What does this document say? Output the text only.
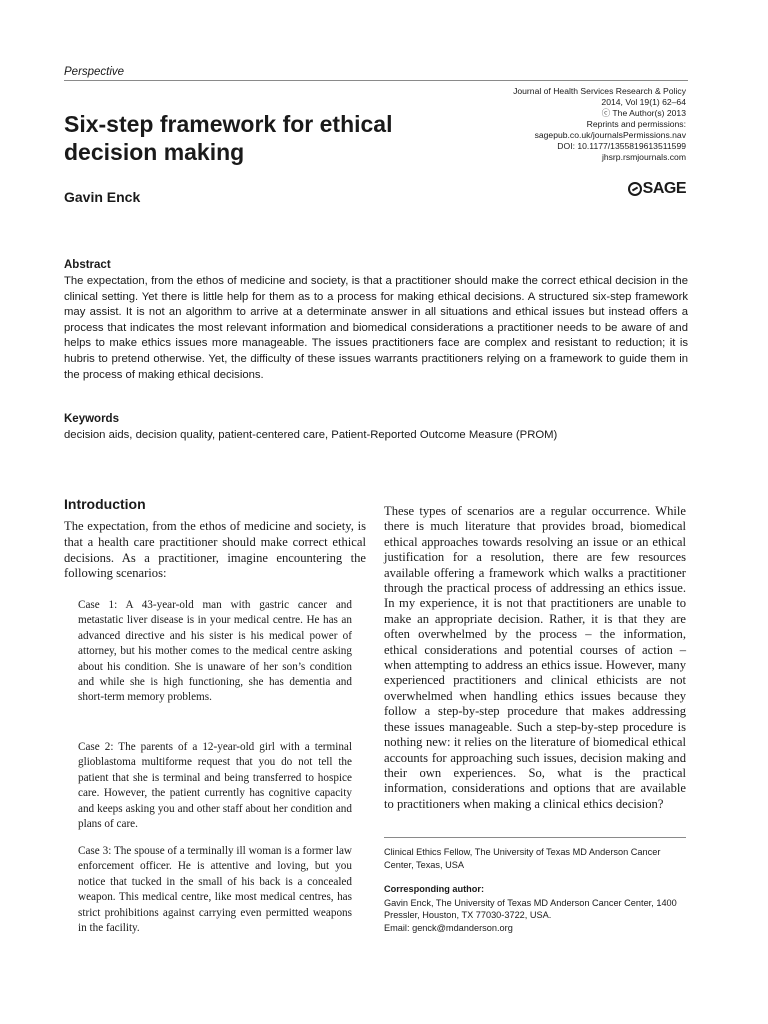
Perspective
Six-step framework for ethical decision making
Gavin Enck
Journal of Health Services Research & Policy
2014, Vol 19(1) 62–64
ⓒ The Author(s) 2013
Reprints and permissions:
sagepub.co.uk/journalsPermissions.nav
DOI: 10.1177/1355819613511599
jhsrp.rsmjournals.com
SAGE
Abstract
The expectation, from the ethos of medicine and society, is that a practitioner should make the correct ethical decision in the clinical setting. Yet there is little help for them as to a process for making ethical decisions. A structured six-step framework may assist. It is not an algorithm to arrive at a determinate answer in all situations and ethical issues but instead offers a process that indicates the most relevant information and biomedical considerations a practitioner needs to be aware of and helps to make ethics issues more manageable. The issues practitioners face are complex and resistant to reduction; it is hubris to pretend otherwise. Yet, the difficulty of these issues warrants practitioners relying on a framework to guide them in the process of making ethical decisions.
Keywords
decision aids, decision quality, patient-centered care, Patient-Reported Outcome Measure (PROM)
Introduction
The expectation, from the ethos of medicine and society, is that a health care practitioner should make correct ethical decisions. As a practitioner, imagine encountering the following scenarios:
Case 1: A 43-year-old man with gastric cancer and metastatic liver disease is in your medical centre. He has an advanced directive and his sister is his medical power of attorney, but his mother comes to the medical centre asking about his condition. She is unaware of her son’s condition and while she is high functioning, she has dementia and short-term memory problems.
Case 2: The parents of a 12-year-old girl with a terminal glioblastoma multiforme request that you do not tell the patient that she is terminal and being transferred to hospice care. However, the patient currently has cognitive capacity and keeps asking you and other staff about her condition and plans of care.
Case 3: The spouse of a terminally ill woman is a former law enforcement officer. He is attentive and loving, but you notice that tucked in the small of his back is a concealed weapon. This medical centre, like most medical centres, has strict prohibitions against carrying even permitted weapons in the facility.
These types of scenarios are a regular occurrence. While there is much literature that provides broad, biomedical ethical approaches towards resolving an issue or an ethical justification for a resolution, there are few resources available offering a framework which walks a practitioner through the practical process of addressing an ethics issue. In my experience, it is not that practitioners are unable to make an appropriate decision. Rather, it is that they are often overwhelmed by the process – the information, ethical considerations and potential courses of action – when attempting to address an ethics issue. However, many experienced practitioners and clinical ethicists are not overwhelmed when handling ethics issues because they follow a step-by-step procedure that makes addressing these issues manageable. Such a step-by-step procedure is nothing new: it relies on the literature of biomedical ethical accounts for approaching such issues, decision making and their own experiences. So, what is the practical information, considerations and options that are available to practitioners when making a clinical ethics decision?
Clinical Ethics Fellow, The University of Texas MD Anderson Cancer Center, Texas, USA
Corresponding author:
Gavin Enck, The University of Texas MD Anderson Cancer Center, 1400 Pressler, Houston, TX 77030-3722, USA.
Email: genck@mdanderson.org
